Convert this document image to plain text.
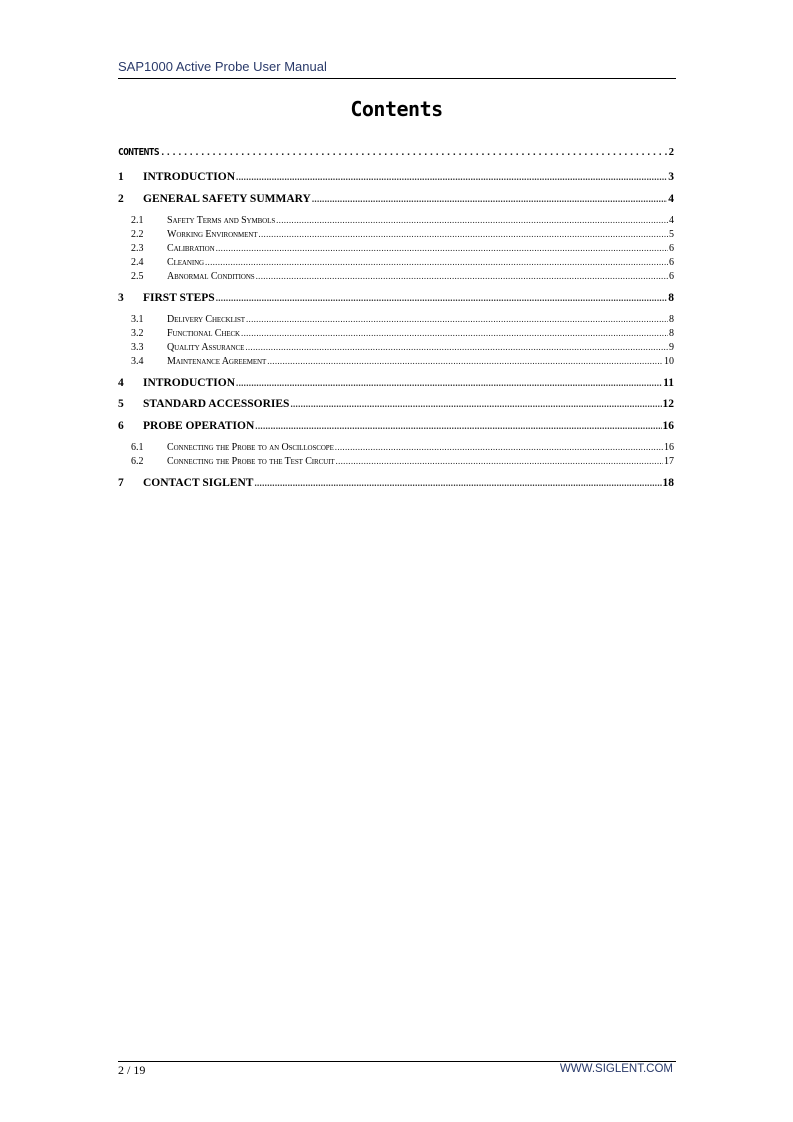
SAP1000 Active Probe User Manual
Contents
CONTENTS .....	2
1	INTRODUCTION .....	3
2	GENERAL SAFETY SUMMARY .....	4
2.1	Safety Terms and Symbols .....	4
2.2	Working Environment .....	5
2.3	Calibration .....	6
2.4	Cleaning .....	6
2.5	Abnormal Conditions .....	6
3	FIRST STEPS .....	8
3.1	Delivery Checklist .....	8
3.2	Functional Check .....	8
3.3	Quality Assurance .....	9
3.4	Maintenance Agreement .....	10
4	INTRODUCTION .....	11
5	STANDARD ACCESSORIES .....	12
6	PROBE OPERATION .....	16
6.1	Connecting the Probe to an Oscilloscope .....	16
6.2	Connecting the Probe to the Test Circuit .....	17
7	CONTACT SIGLENT .....	18
2 / 19	WWW.SIGLENT.COM
